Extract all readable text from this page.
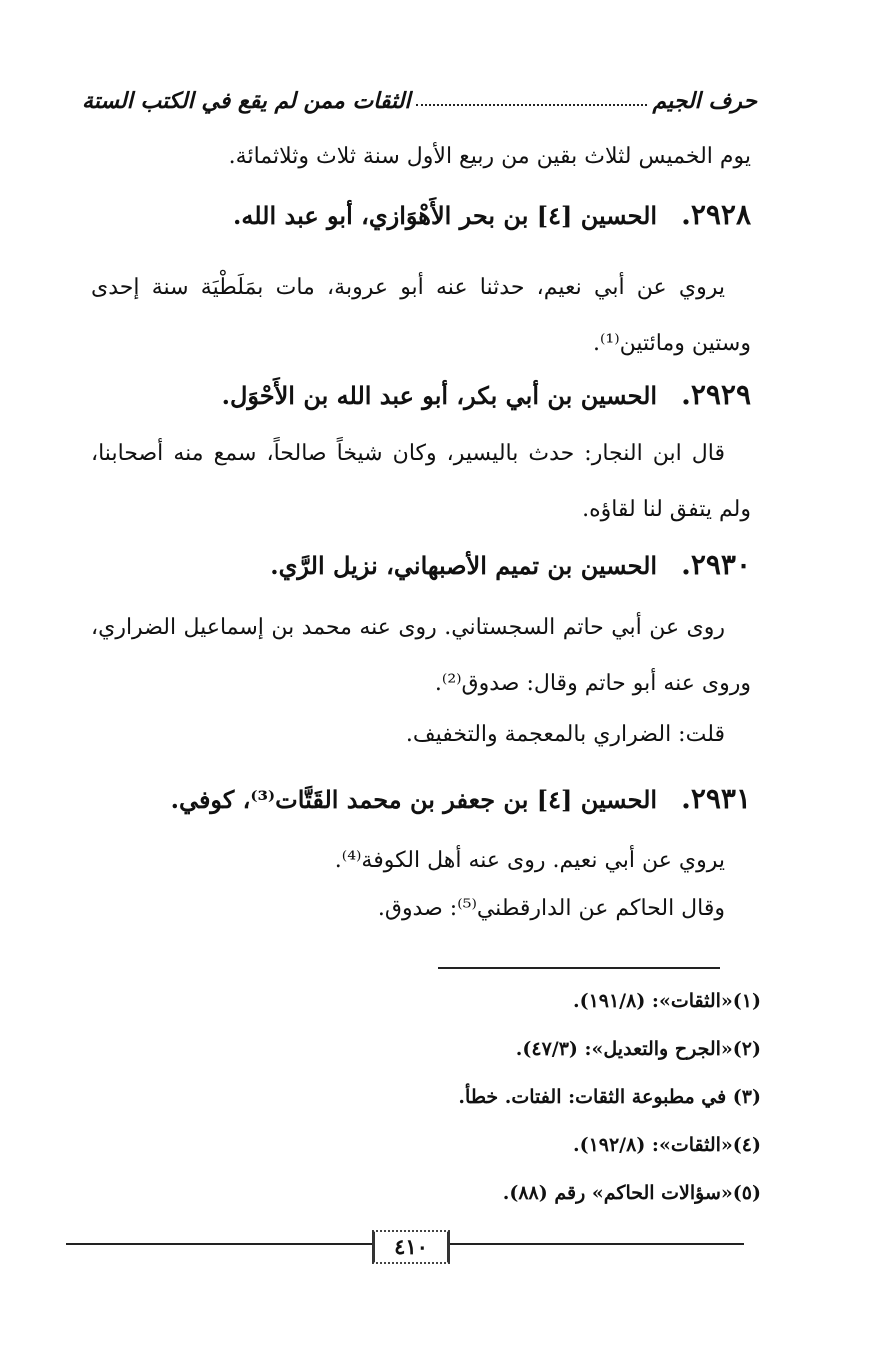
حرف الجيم
الثقات ممن لم يقع في الكتب الستة
يوم الخميس لثلاث بقين من ربيع الأول سنة ثلاث وثلاثمائة.
٢٩٢٨.الحسين [٤] بن بحر الأَهْوَازي، أبو عبد الله.
يروي عن أبي نعيم، حدثنا عنه أبو عروبة، مات بمَلَطْيَة سنة إحدى وستين ومائتين⁽¹⁾.
٢٩٢٩.الحسين بن أبي بكر، أبو عبد الله بن الأَحْوَل.
قال ابن النجار: حدث باليسير، وكان شيخاً صالحاً، سمع منه أصحابنا، ولم يتفق لنا لقاؤه.
٢٩٣٠.الحسين بن تميم الأصبهاني، نزيل الرَّي.
روى عن أبي حاتم السجستاني. روى عنه محمد بن إسماعيل الضراري، وروى عنه أبو حاتم وقال: صدوق⁽²⁾.
قلت: الضراري بالمعجمة والتخفيف.
٢٩٣١.الحسين [٤] بن جعفر بن محمد القَتَّات⁽³⁾، كوفي.
يروي عن أبي نعيم. روى عنه أهل الكوفة⁽⁴⁾.
وقال الحاكم عن الدارقطني⁽⁵⁾: صدوق.
(١)«الثقات»: (١٩١/٨).
(٢)«الجرح والتعديل»: (٤٧/٣).
(٣) في مطبوعة الثقات: الفتات. خطأ.
(٤)«الثقات»: (١٩٢/٨).
(٥)«سؤالات الحاكم» رقم (٨٨).
٤١٠
